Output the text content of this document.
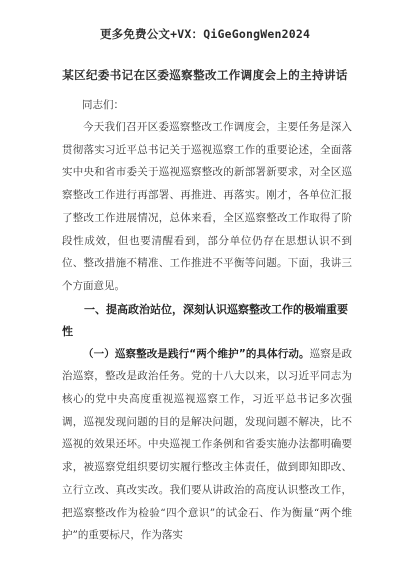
更多免费公文+VX：QiGeGongWen2024
某区纪委书记在区委巡察整改工作调度会上的主持讲话
同志们：

今天我们召开区委巡察整改工作调度会，主要任务是深入贯彻落实习近平总书记关于巡视巡察工作的重要论述，全面落实中央和省市委关于巡视巡察整改的新部署新要求，对全区巡察整改工作进行再部署、再推进、再落实。刚才，各单位汇报了整改工作进展情况，总体来看，全区巡察整改工作取得了阶段性成效，但也要清醒看到，部分单位仍存在思想认识不到位、整改措施不精准、工作推进不平衡等问题。下面，我讲三个方面意见。

一、提高政治站位，深刻认识巡察整改工作的极端重要性

（一）巡察整改是践行“两个维护”的具体行动。巡察是政治巡察，整改是政治任务。党的十八大以来，以习近平同志为核心的党中央高度重视巡视巡察工作，习近平总书记多次强调，巡视发现问题的目的是解决问题，发现问题不解决，比不巡视的效果还坏。中央巡视工作条例和省委实施办法都明确要求，被巡察党组织要切实履行整改主体责任，做到即知即改、立行立改、真改实改。我们要从讲政治的高度认识整改工作，把巡察整改作为检验“四个意识”的试金石、作为衡量“两个维护”的重要标尺，作为落实
